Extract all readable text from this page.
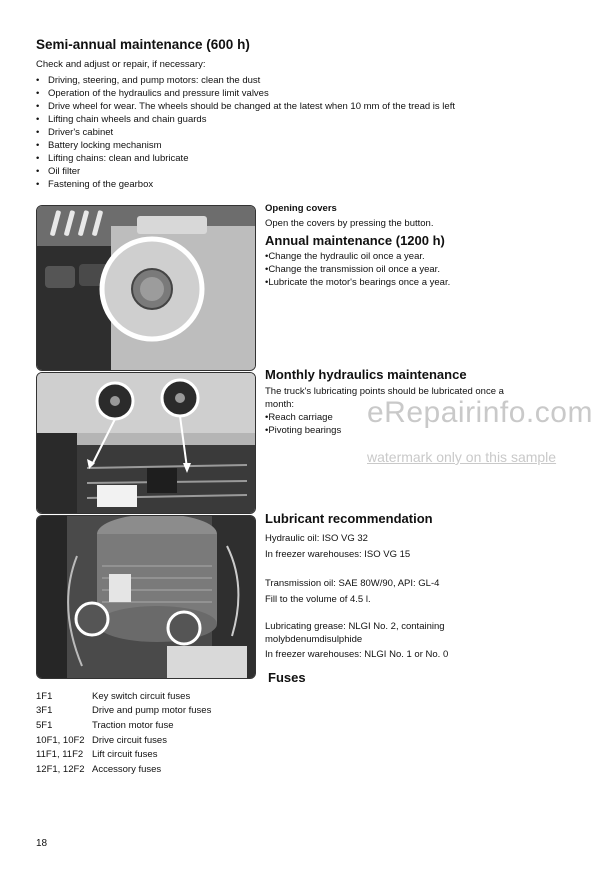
Semi-annual maintenance (600 h)
Check and adjust or repair, if necessary:
• Driving, steering, and pump motors: clean the dust
• Operation of the hydraulics and pressure limit valves
• Drive wheel for wear. The wheels should be changed at the latest when 10 mm of the tread is left
• Lifting chain wheels and chain guards
• Driver's cabinet
• Battery locking mechanism
• Lifting chains: clean and lubricate
• Oil filter
• Fastening of the gearbox
Opening covers
Open the covers by pressing the button.
Annual maintenance (1200 h)
•Change the hydraulic oil once a year.
•Change the transmission oil once a year.
•Lubricate the motor's bearings once a year.
Monthly hydraulics maintenance
The truck's lubricating points should be lubricated once a month:
•Reach carriage
•Pivoting bearings
eRepairinfo.com
watermark only on this sample
Lubricant recommendation
Hydraulic oil: ISO VG 32
In freezer warehouses: ISO VG 15
Transmission oil: SAE 80W/90, API: GL-4
Fill to the volume of 4.5 l.
Lubricating grease: NLGI No. 2, containing molybdenumdisulphide
In freezer warehouses: NLGI No. 1 or No. 0
Fuses
1F1	Key switch circuit fuses
3F1	Drive and pump motor fuses
5F1	Traction motor fuse
10F1, 10F2	Drive circuit fuses
11F1, 11F2	Lift circuit fuses
12F1, 12F2	Accessory fuses
18
